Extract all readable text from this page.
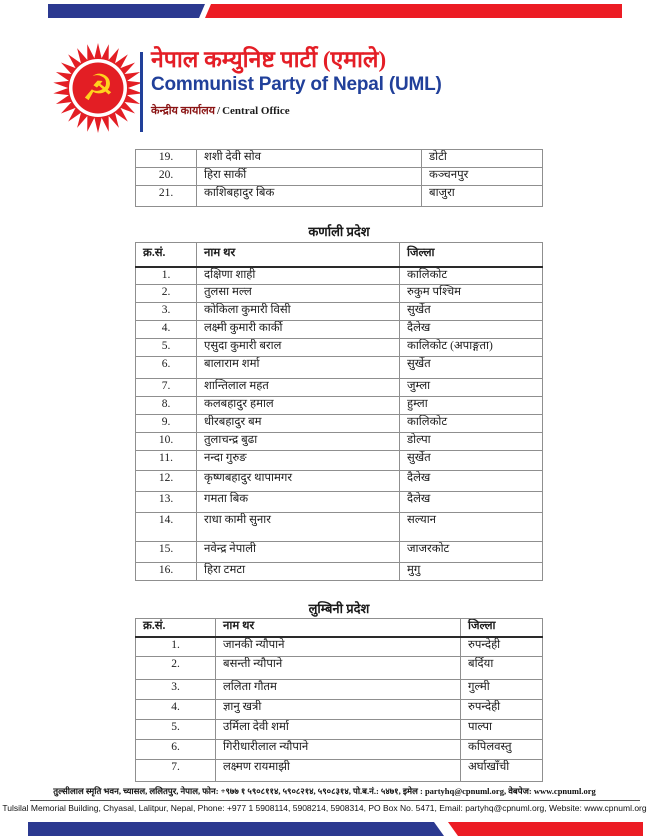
☭
नेपाल कम्युनिष्ट पार्टी (एमाले)
Communist Party of Nepal (UML)
केन्द्रीय कार्यालय / Central Office
19.	शशी देवी सोव	डोटी
20.	हिरा सार्की	कञ्चनपुर
21.	काशिबहादुर बिक	बाजुरा
कर्णाली प्रदेश
क्र.सं.	नाम थर	जिल्ला
1.	दक्षिणा शाही	कालिकोट
2.	तुलसा मल्ल	रुकुम पश्चिम
3.	कोकिला कुमारी विसी	सुर्खेत
4.	लक्ष्मी कुमारी कार्की	दैलेख
5.	एसुदा कुमारी बराल	कालिकोट (अपाङ्गता)
6.	बालाराम शर्मा	सुर्खेत
7.	शान्तिलाल महत	जुम्ला
8.	कलबहादुर हमाल	हुम्ला
9.	धीरबहादुर बम	कालिकोट
10.	तुलाचन्द्र बुढा	डोल्पा
11.	नन्दा गुरुङ	सुर्खेत
12.	कृष्णबहादुर थापामगर	दैलेख
13.	गमता बिक	दैलेख
14.	राधा कामी सुनार	सल्यान
15.	नवेन्द्र नेपाली	जाजरकोट
16.	हिरा टमटा	मुगु
लुम्बिनी प्रदेश
क्र.सं.	नाम थर	जिल्ला
1.	जानकी न्यौपाने	रुपन्देही
2.	बसन्ती न्यौपाने	बर्दिया
3.	ललिता गौतम	गुल्मी
4.	ज्ञानु खत्री	रुपन्देही
5.	उर्मिला देवी शर्मा	पाल्पा
6.	गिरीधारीलाल न्यौपाने	कपिलवस्तु
7.	लक्ष्मण रायमाझी	अर्घाखाँची
तुल्सीलाल स्मृति भवन, च्यासल, ललितपुर, नेपाल, फोन: +९७७ १ ५९०८११४, ५९०८२१४, ५९०८३१४, पो.ब.नं.: ५४७१, इमेल : partyhq@cpnuml.org, वेबपेज: www.cpnuml.org
Tulsilal Memorial Building, Chyasal, Lalitpur, Nepal, Phone: +977 1 5908114, 5908214, 5908314, PO Box No. 5471, Email: partyhq@cpnuml.org, Website: www.cpnuml.org
